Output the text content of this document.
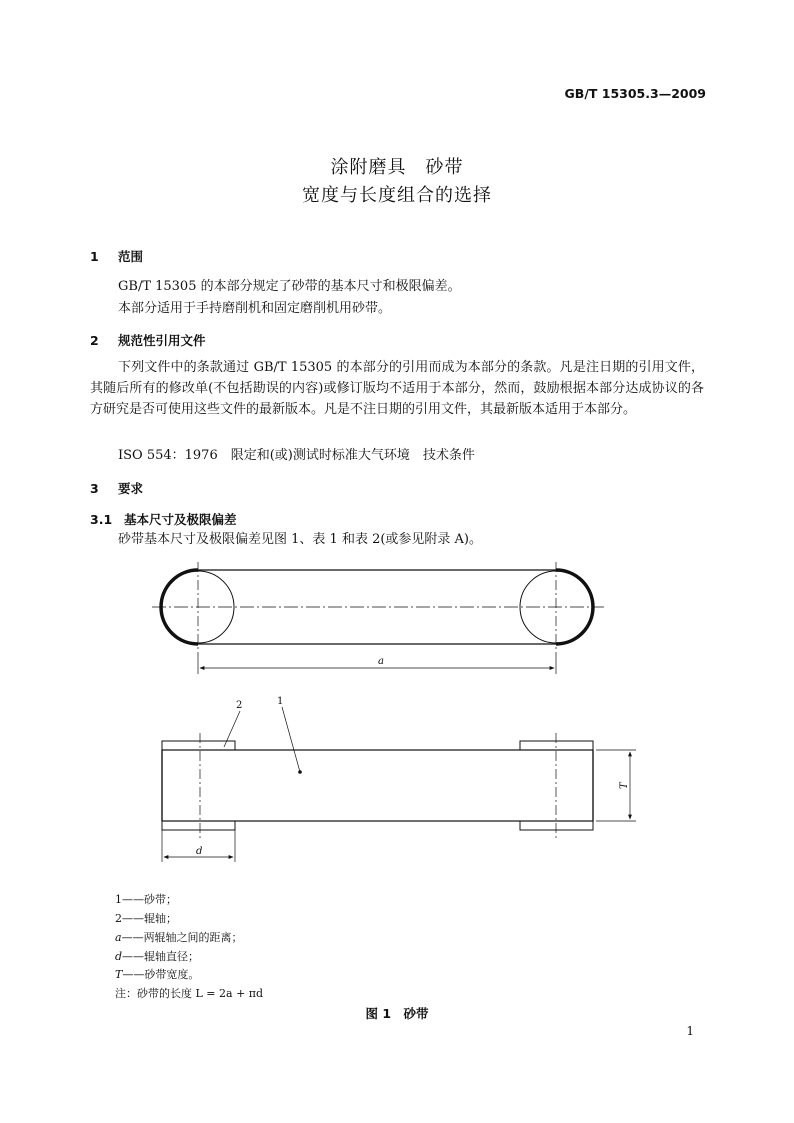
GB/T 15305.3—2009
涂附磨具　砂带
宽度与长度组合的选择
1 范围
GB/T 15305 的本部分规定了砂带的基本尺寸和极限偏差。
本部分适用于手持磨削机和固定磨削机用砂带。
2 规范性引用文件
下列文件中的条款通过 GB/T 15305 的本部分的引用而成为本部分的条款。凡是注日期的引用文件，其随后所有的修改单(不包括勘误的内容)或修订版均不适用于本部分，然而，鼓励根据本部分达成协议的各方研究是否可使用这些文件的最新版本。凡是不注日期的引用文件，其最新版本适用于本部分。
ISO 554：1976　限定和(或)测试时标准大气环境　技术条件
3 要求
3.1 基本尺寸及极限偏差
砂带基本尺寸及极限偏差见图 1、表 1 和表 2(或参见附录 A)。
a
2	1
T
d
1——砂带；
2——辊轴；
a——两辊轴之间的距离；
d——辊轴直径；
T——砂带宽度。
注：砂带的长度 L = 2a + πd
图 1　砂带
1
